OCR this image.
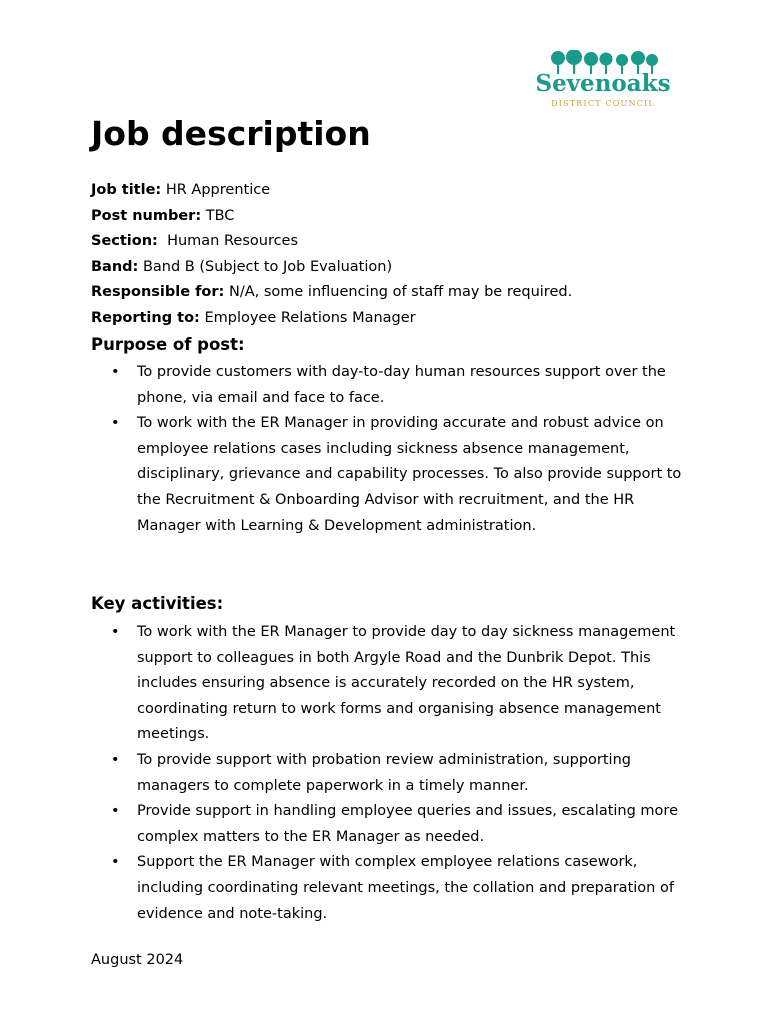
Sevenoaks
DISTRICT COUNCIL
Job description
Job title: HR Apprentice
Post number: TBC
Section:  Human Resources
Band: Band B (Subject to Job Evaluation)
Responsible for: N/A, some influencing of staff may be required.
Reporting to: Employee Relations Manager
Purpose of post:
• To provide customers with day-to-day human resources support over the phone, via email and face to face.
• To work with the ER Manager in providing accurate and robust advice on employee relations cases including sickness absence management, disciplinary, grievance and capability processes. To also provide support to the Recruitment & Onboarding Advisor with recruitment, and the HR Manager with Learning & Development administration.
Key activities:
• To work with the ER Manager to provide day to day sickness management support to colleagues in both Argyle Road and the Dunbrik Depot. This includes ensuring absence is accurately recorded on the HR system, coordinating return to work forms and organising absence management meetings.
• To provide support with probation review administration, supporting managers to complete paperwork in a timely manner.
• Provide support in handling employee queries and issues, escalating more complex matters to the ER Manager as needed.
• Support the ER Manager with complex employee relations casework, including coordinating relevant meetings, the collation and preparation of evidence and note-taking.
August 2024
